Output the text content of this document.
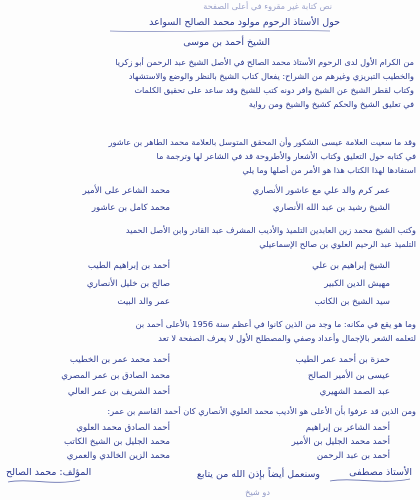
نص كتابة غير مقروء في أعلى الصفحة
حول الأستاذ الرحوم مولود محمد الصالح السواعد
الشيخ أحمد بن موسى
من الكرام الأول لدى الرحوم الأستاذ محمد الصالح في الأصل الشيخ عبد الرحمن أبو زكريا
والخطيب التبريزي وغيرهم من الشراح: يفعال كتاب الشيخ بالنظر والوضع والاستشهاد
وكتاب لقطر الشيخ عن الشيخ وافر دونه كتب للشيخ وقد ساعد على تحقيق الكلمات
في تعليق الشيخ والحكم كشيخ والشيخ ومن رواية
وقد ما سعيت العلامة عيسى الشكور وأن المحقق المتوسل بالعلامة محمد الطاهر بن عاشور
في كتابه حول التعليق وكتاب الأشعار والأطروحة قد في الشاعر لها وترجمة ما
استفادها لهذا الكتاب هذا هو الأمر من أصلها وما يلي
عمر كرم والد علي مع عاشور الأنصاري
محمد الشاعر على الأمير
الشيخ رشيد بن عبد الله الأنصاري
محمد كامل بن عاشور
وكتب الشيخ محمد زين العابدين التلميذ والأديب المشرف عبد القادر وابن الأصل الحميد
التلميذ عبد الرحيم العلوي بن صالح الإسماعيلي
الشيخ إبراهيم بن علي
أحمد بن إبراهيم الطيب
مهيش الدين الكبير
صالح بن خليل الأنصاري
سيد الشيخ بن الكاتب
عمر والد البيت
وما هو يقع في مكانه: ما وجد من الذين كانوا في أعظم سنة 1956 بالأعلى أحمد بن
لتعلمه الشعر بالإجمال وأعداد وصفي والمصطلح الأول لا يعرف الصفحة لا تعد
حمزة بن أحمد عمر الطيب
أحمد محمد عمر بن الخطيب
عيسى بن الأمير الصالح
محمد الصادق بن عمر المصري
عبد الصمد الشهيري
أحمد الشريف بن عمر العالي
ومن الذين قد عرفوا بأن الأعلى هو الأديب محمد العلوي الأنصاري كان أحمد القاسم بن عمر:
أحمد الشاعر بن إبراهيم
أحمد الصادق محمد العلوي
أحمد محمد الجليل بن الأمير
محمد الجليل بن الشيخ الكاتب
أحمد بن عبد الرحمن
محمد الزين الخالدي والعمري
وسنعمل أيضاً بإذن الله من يتابع	الأستاذ مصطفى
المؤلف: محمد الصالح
دو شيخ
